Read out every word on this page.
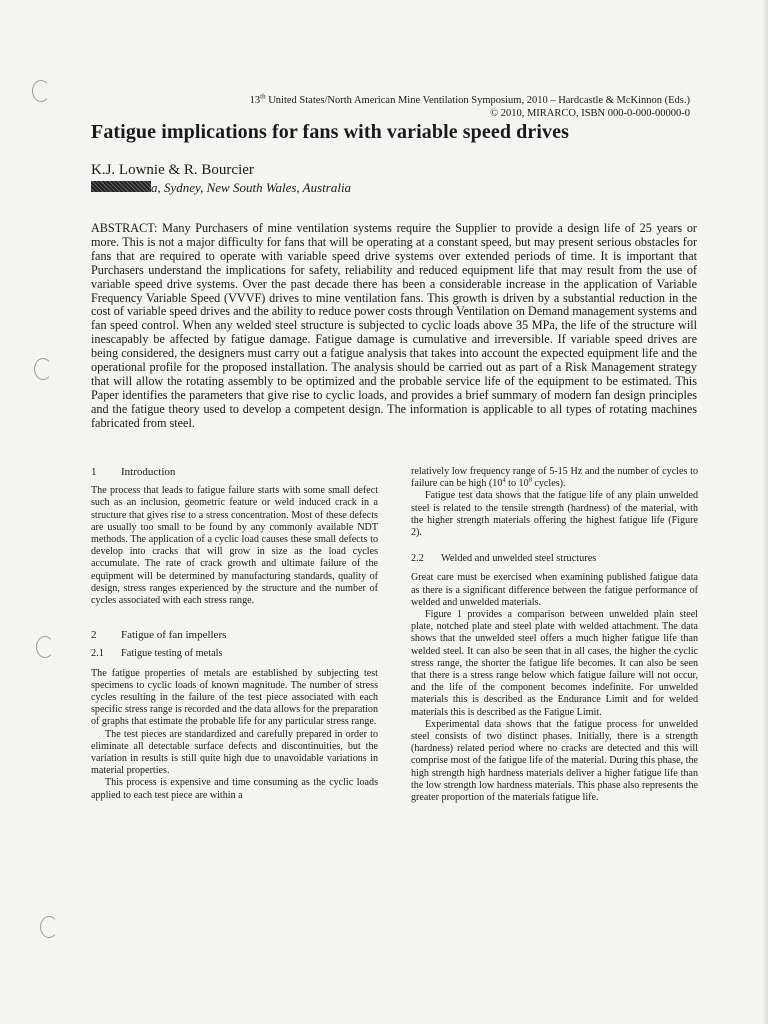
13th United States/North American Mine Ventilation Symposium, 2010 – Hardcastle & McKinnon (Eds.)
© 2010, MIRARCO, ISBN 000-0-000-00000-0
Fatigue implications for fans with variable speed drives
K.J. Lownie & R. Bourcier
a, Sydney, New South Wales, Australia

ABSTRACT: Many Purchasers of mine ventilation systems require the Supplier to provide a design life of 25 years or more. This is not a major difficulty for fans that will be operating at a constant speed, but may present serious obstacles for fans that are required to operate with variable speed drive systems over extended periods of time. It is important that Purchasers understand the implications for safety, reliability and reduced equipment life that may result from the use of variable speed drive systems. Over the past decade there has been a considerable increase in the application of Variable Frequency Variable Speed (VVVF) drives to mine ventilation fans. This growth is driven by a substantial reduction in the cost of variable speed drives and the ability to reduce power costs through Ventilation on Demand management systems and fan speed control. When any welded steel structure is subjected to cyclic loads above 35 MPa, the life of the structure will inescapably be affected by fatigue damage. Fatigue damage is cumulative and irreversible. If variable speed drives are being considered, the designers must carry out a fatigue analysis that takes into account the expected equipment life and the operational profile for the proposed installation. The analysis should be carried out as part of a Risk Management strategy that will allow the rotating assembly to be optimized and the probable service life of the equipment to be estimated. This Paper identifies the parameters that give rise to cyclic loads, and provides a brief summary of modern fan design principles and the fatigue theory used to develop a competent design. The information is applicable to all types of rotating machines fabricated from steel.

1 Introduction

The process that leads to fatigue failure starts with some small defect such as an inclusion, geometric feature or weld induced crack in a structure that gives rise to a stress concentration. Most of these defects are usually too small to be found by any commonly available NDT methods. The application of a cyclic load causes these small defects to develop into cracks that will grow in size as the load cycles accumulate. The rate of crack growth and ultimate failure of the equipment will be determined by manufacturing standards, quality of design, stress ranges experienced by the structure and the number of cycles associated with each stress range.

2 Fatigue of fan impellers
2.1 Fatigue testing of metals

The fatigue properties of metals are established by subjecting test specimens to cyclic loads of known magnitude. The number of stress cycles resulting in the failure of the test piece associated with each specific stress range is recorded and the data allows for the preparation of graphs that estimate the probable life for any particular stress range.

The test pieces are standardized and carefully prepared in order to eliminate all detectable surface defects and discontinuities, but the variation in results is still quite high due to unavoidable variations in material properties.

This process is expensive and time consuming as the cyclic loads applied to each test piece are within a

relatively low frequency range of 5-15 Hz and the number of cycles to failure can be high ($10^4$ to $10^8$ cycles).

Fatigue test data shows that the fatigue life of any plain unwelded steel is related to the tensile strength (hardness) of the material, with the higher strength materials offering the highest fatigue life (Figure 2).

2.2 Welded and unwelded steel structures

Great care must be exercised when examining published fatigue data as there is a significant difference between the fatigue performance of welded and unwelded materials.

Figure 1 provides a comparison between unwelded plain steel plate, notched plate and steel plate with welded attachment. The data shows that the unwelded steel offers a much higher fatigue life than welded steel. It can also be seen that in all cases, the higher the cyclic stress range, the shorter the fatigue life becomes. It can also be seen that there is a stress range below which fatigue failure will not occur, and the life of the component becomes indefinite. For unwelded materials this is described as the Endurance Limit and for welded materials this is described as the Fatigue Limit.

Experimental data shows that the fatigue process for unwelded steel consists of two distinct phases. Initially, there is a strength (hardness) related period where no cracks are detected and this will comprise most of the fatigue life of the material. During this phase, the high strength high hardness materials deliver a higher fatigue life than the low strength low hardness materials. This phase also represents the greater proportion of the materials fatigue life.
